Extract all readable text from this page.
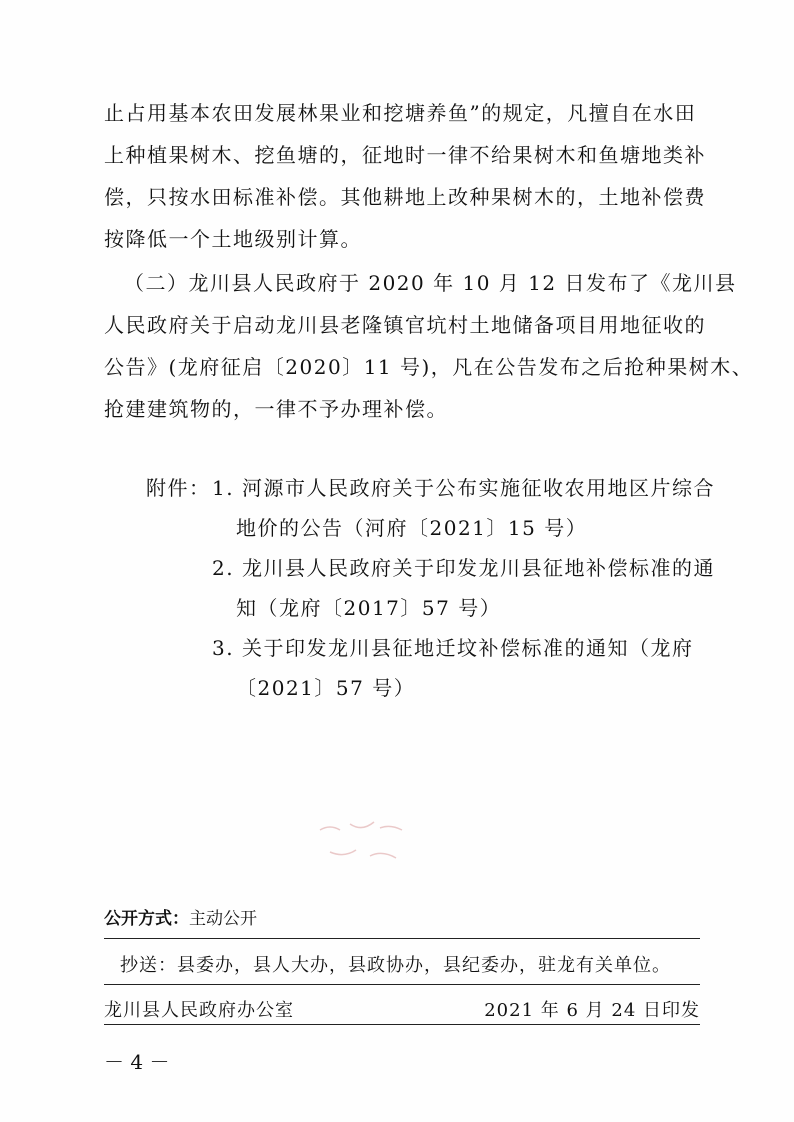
止占用基本农田发展林果业和挖塘养鱼”的规定，凡擅自在水田

上种植果树木、挖鱼塘的，征地时一律不给果树木和鱼塘地类补

偿，只按水田标准补偿。其他耕地上改种果树木的，土地补偿费

按降低一个土地级别计算。

（二）龙川县人民政府于 2020 年 10 月 12 日发布了《龙川县

人民政府关于启动龙川县老隆镇官坑村土地储备项目用地征收的

公告》(龙府征启〔2020〕11 号)，凡在公告发布之后抢种果树木、

抢建建筑物的，一律不予办理补偿。

附件： 1. 河源市人民政府关于公布实施征收农用地区片综合
地价的公告（河府〔2021〕15 号）
2. 龙川县人民政府关于印发龙川县征地补偿标准的通
知（龙府〔2017〕57 号）
3. 关于印发龙川县征地迁坟补偿标准的通知（龙府
〔2021〕57 号）
公开方式：主动公开
抄送：县委办，县人大办，县政协办，县纪委办，驻龙有关单位。
龙川县人民政府办公室	2021 年 6 月 24 日印发
－ 4 －
